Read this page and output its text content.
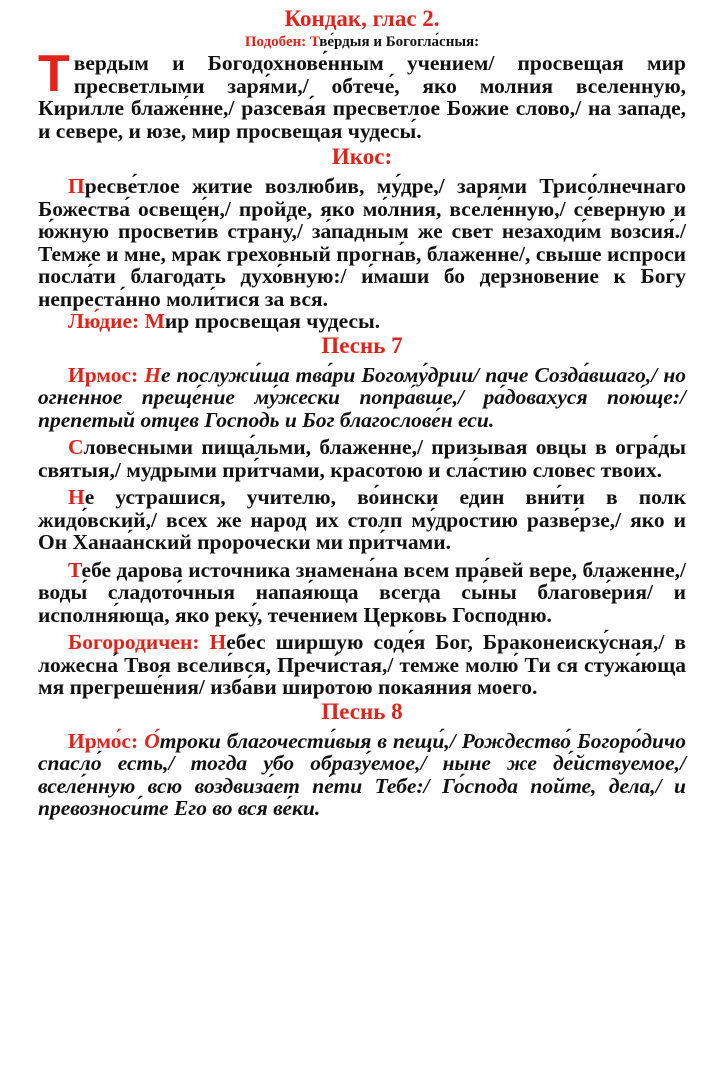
Кондак, глас 2.

Подобен: Тве́рдыя и Богогла́сныя:

Твердым и Богодохнове́нным учением/ просвещая мир пресветлыми заря́ми,/ обтече́, яко молния вселенную, Кири́лле блаже́нне,/ разсева́я пресветлое Божие слово,/ на западе, и севере, и юзе, мир просвещая чудесы́.

Икос:

Пресве́тлое житие возлюбив, му́дре,/ зарями Трисо́лнечнаго Божества́ освеще́н,/ пройде, яко мо́лния, вселе́нную,/ се́верную и ю́жную просвети́в страну́,/ за́падным же свет незаходи́м возсия́./ Темже и мне, мрак греховный прогна́в, блаженне/, свыше испроси посла́ти благодать духо́вную:/ и́маши бо дерзновение к Богу непреста́нно моли́тися за вся.

Лю́дие: Мир просвещая чудесы.

Песнь 7

Ирмос: Не послужи́ша тва́ри Богому́дрии/ паче Созда́вшаго,/ но огненное преще́ние му́жески попра́вше,/ ра́довахуся пою́ще:/ препетый отцев Господь и Бог благослове́н еси.

Словесными пища́льми, блаженне,/ призывая овцы в огра́ды святыя,/ мудрыми при́тчами, красотою и сла́стию словес твоих.

Не устрашися, учителю, во́ински един вни́ти в полк жидо́вский,/ всех же народ их столп му́дростию разве́рзе,/ яко и Он Ханаа́нский пророчески ми при́тчами.

Тебе дарова источника знамена́на всем пра́вей вере, блаженне,/ воды́ сладото́чныя напая́юща всегда сы́ны благове́рия/ и исполня́юща, яко реку́, течением Церковь Господню.

Богородичен: Небес ширшую соде́я Бог, Браконеиску́сная,/ в ложесна́ Твоя всели́вся, Пречи́стая,/ темже молю́ Ти ся стужа́юща мя прегреше́ния/ изба́ви широтою покаяния моего.

Песнь 8

Ирмо́с: О́троки благочести́выя в пещи́,/ Рождество́ Богоро́дичо спасло́ есть,/ тогда убо образу́емое,/ ныне же де́йствуемое,/ вселе́нную всю воздвиза́ет пе́ти Тебе:/ Го́спода пойте, дела,/ и превозноси́те Его во вся ве́ки.
